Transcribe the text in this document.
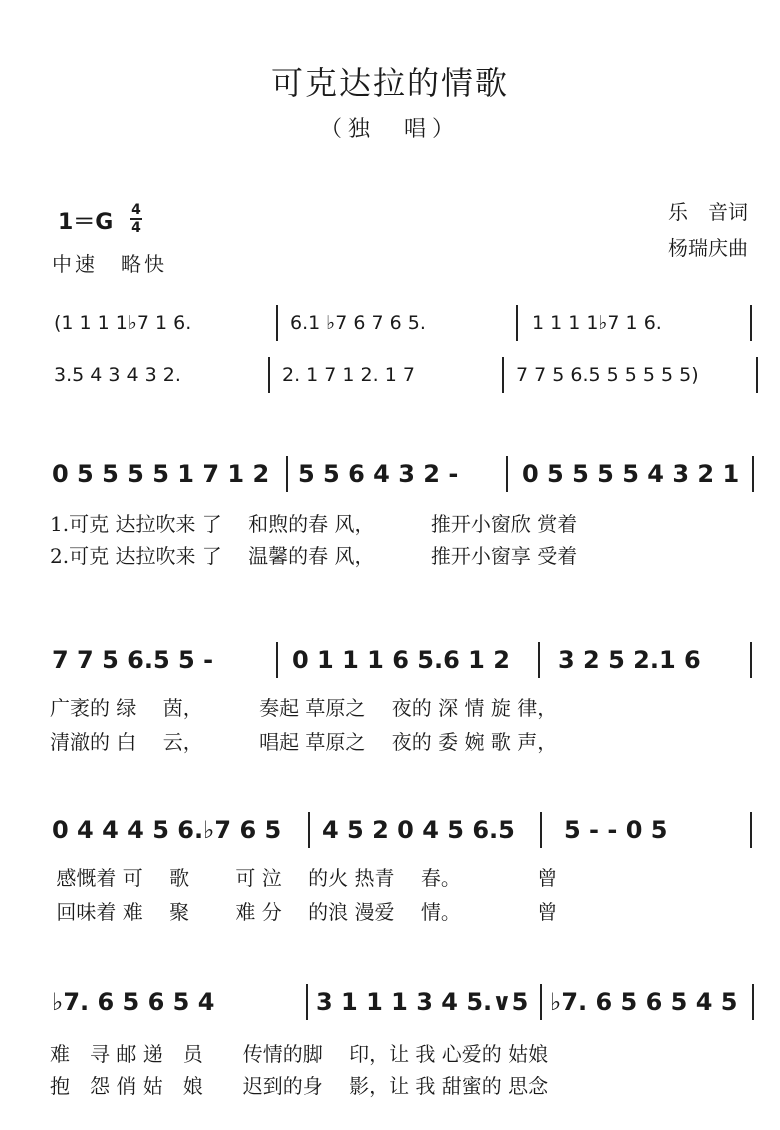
可克达拉的情歌
（独　唱）
乐　音词
杨瑞庆曲
1＝G 4
4
中速　略快
(1 1 1 1♭7 1 6.	6.1 ♭7 6 7 6 5.	1 1 1 1♭7 1 6.
3.5 4 3 4 3 2.	2. 1 7 1 2. 1 7	7 7 5 6.5 5 5 5 5 5)
0 5 5 5 5 1 7 1 2 5 5 6 4 3 2 -	0 5 5 5 5 4 3 2 1
1.可克 达拉吹来 了　 和煦的春 风，　　　 推开小窗欣 赏着
2.可克 达拉吹来 了　 温馨的春 风，　　　 推开小窗享 受着
7 7 5 6.5 5 -	0 1 1 1 6 5.6 1 2 3 2 5 2.1 6
广袤的 绿　 茵，　　　 奏起 草原之　 夜的 深 情 旋 律，
清澈的 白　 云，　　　 唱起 草原之　 夜的 委 婉 歌 声，
0 4 4 4 5 6.♭7 6 5 4 5 2 0 4 5 6.5 5 - - 0 5
感慨着 可　 歌　　 可 泣　 的火 热青　 春。　　　　 曾
回味着 难　 聚　　 难 分　 的浪 漫爱　 情。　　　　 曾
♭7. 6 5 6 5 4	3 1 1 1 3 4 5.∨5 ♭7. 6 5 6 5 4 5
难　寻 邮 递　员　　传情的脚　 印，让 我 心爱的 姑娘
抱　怨 俏 姑　娘　　迟到的身　 影，让 我 甜蜜的 思念
